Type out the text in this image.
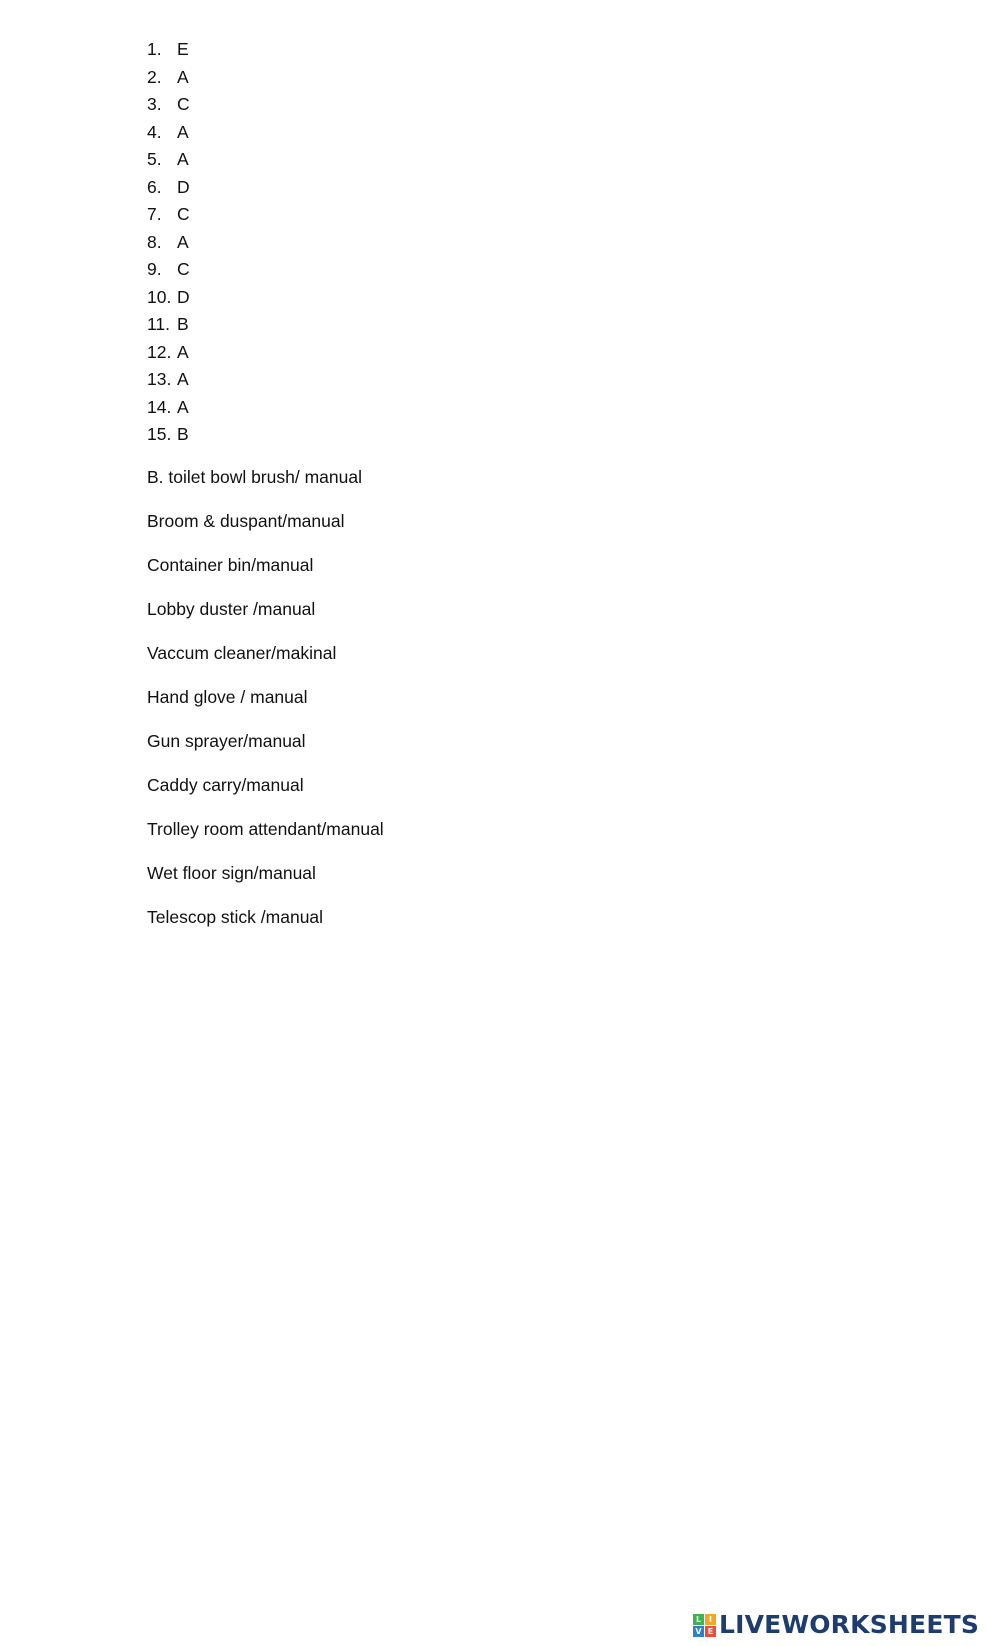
1. E
2. A
3. C
4. A
5. A
6. D
7. C
8. A
9. C
10. D
11. B
12. A
13. A
14. A
15. B
B. toilet bowl brush/ manual
Broom & duspant/manual
Container bin/manual
Lobby duster /manual
Vaccum cleaner/makinal
Hand glove / manual
Gun sprayer/manual
Caddy carry/manual
Trolley room attendant/manual
Wet floor sign/manual
Telescop stick /manual
L I
V E LIVEWORKSHEETS
